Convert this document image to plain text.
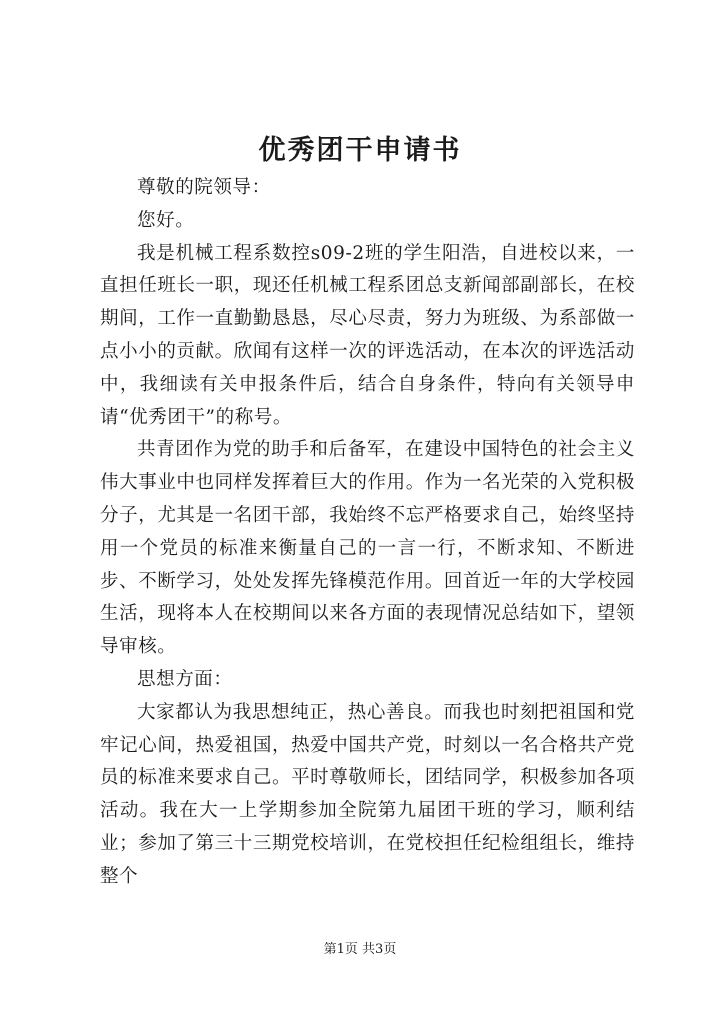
优秀团干申请书

尊敬的院领导：

您好。

我是机械工程系数控s09-2班的学生阳浩，自进校以来，一直担任班长一职，现还任机械工程系团总支新闻部副部长，在校期间，工作一直勤勤恳恳，尽心尽责，努力为班级、为系部做一点小小的贡献。欣闻有这样一次的评选活动，在本次的评选活动中，我细读有关申报条件后，结合自身条件，特向有关领导申请“优秀团干”的称号。

共青团作为党的助手和后备军，在建设中国特色的社会主义伟大事业中也同样发挥着巨大的作用。作为一名光荣的入党积极分子，尤其是一名团干部，我始终不忘严格要求自己，始终坚持用一个党员的标准来衡量自己的一言一行，不断求知、不断进步、不断学习，处处发挥先锋模范作用。回首近一年的大学校园生活，现将本人在校期间以来各方面的表现情况总结如下，望领导审核。

思想方面：

大家都认为我思想纯正，热心善良。而我也时刻把祖国和党牢记心间，热爱祖国，热爱中国共产党，时刻以一名合格共产党员的标准来要求自己。平时尊敬师长，团结同学，积极参加各项活动。我在大一上学期参加全院第九届团干班的学习，顺利结业；参加了第三十三期党校培训，在党校担任纪检组组长，维持整个

第1页 共3页
